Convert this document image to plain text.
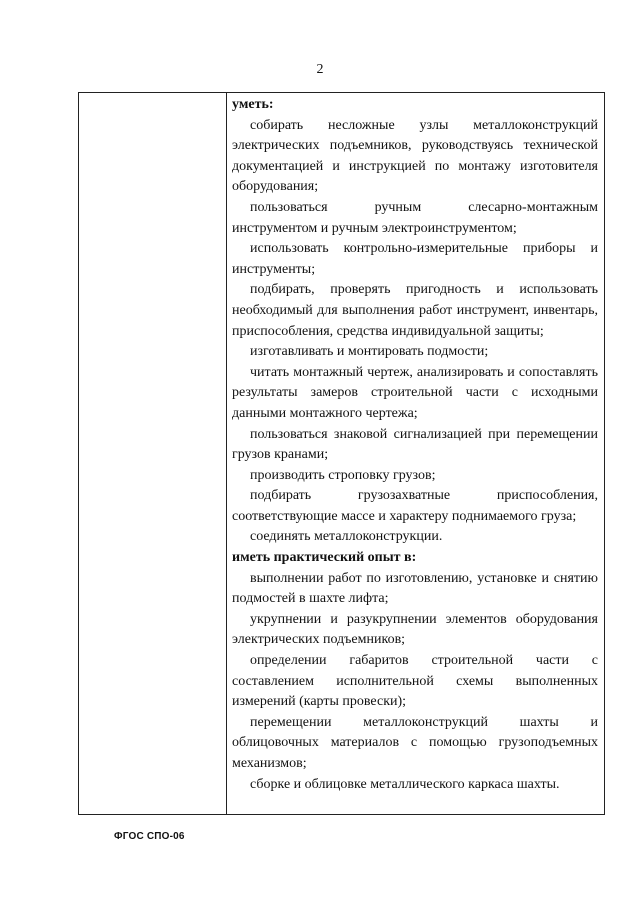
2

уметь:

собирать несложные узлы металлоконструкций электрических подъемников, руководствуясь технической документацией и инструкцией по монтажу изготовителя оборудования;

пользоваться ручным слесарно-монтажным инструментом и ручным электроинструментом;

использовать контрольно-измерительные приборы и инструменты;

подбирать, проверять пригодность и использовать необходимый для выполнения работ инструмент, инвентарь, приспособления, средства индивидуальной защиты;

изготавливать и монтировать подмости;

читать монтажный чертеж, анализировать и сопоставлять результаты замеров строительной части с исходными данными монтажного чертежа;

пользоваться знаковой сигнализацией при перемещении грузов кранами;

производить строповку грузов;

подбирать грузозахватные приспособления, соответствующие массе и характеру поднимаемого груза;

соединять металлоконструкции.

иметь практический опыт в:

выполнении работ по изготовлению, установке и снятию подмостей в шахте лифта;

укрупнении и разукрупнении элементов оборудования электрических подъемников;

определении габаритов строительной части с составлением исполнительной схемы выполненных измерений (карты провески);

перемещении металлоконструкций шахты и облицовочных материалов с помощью грузоподъемных механизмов;

сборке и облицовке металлического каркаса шахты.

ФГОС СПО-06
